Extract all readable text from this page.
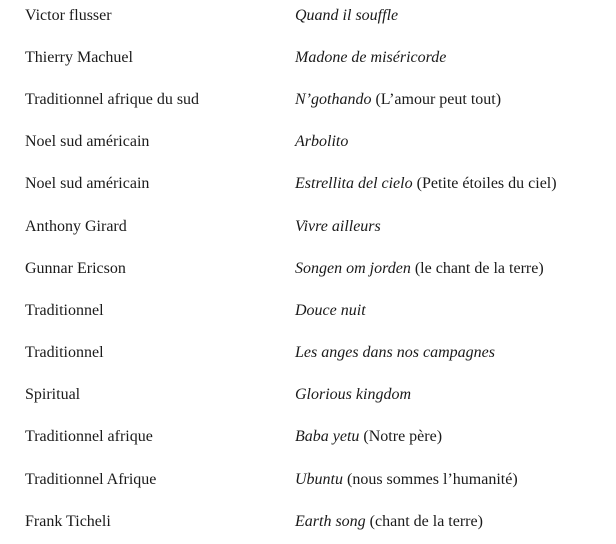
Victor flusser	Quand il souffle
Thierry Machuel	Madone de miséricorde
Traditionnel afrique du sud	N’gothando (L’amour peut tout)
Noel sud américain	Arbolito
Noel sud américain	Estrellita del cielo (Petite étoiles du ciel)
Anthony Girard	Vivre ailleurs
Gunnar Ericson	Songen om jorden (le chant de la terre)
Traditionnel	Douce nuit
Traditionnel	Les anges dans nos campagnes
Spiritual	Glorious kingdom
Traditionnel afrique	Baba yetu (Notre père)
Traditionnel Afrique	Ubuntu (nous sommes l’humanité)
Frank Ticheli	Earth song (chant de la terre)
